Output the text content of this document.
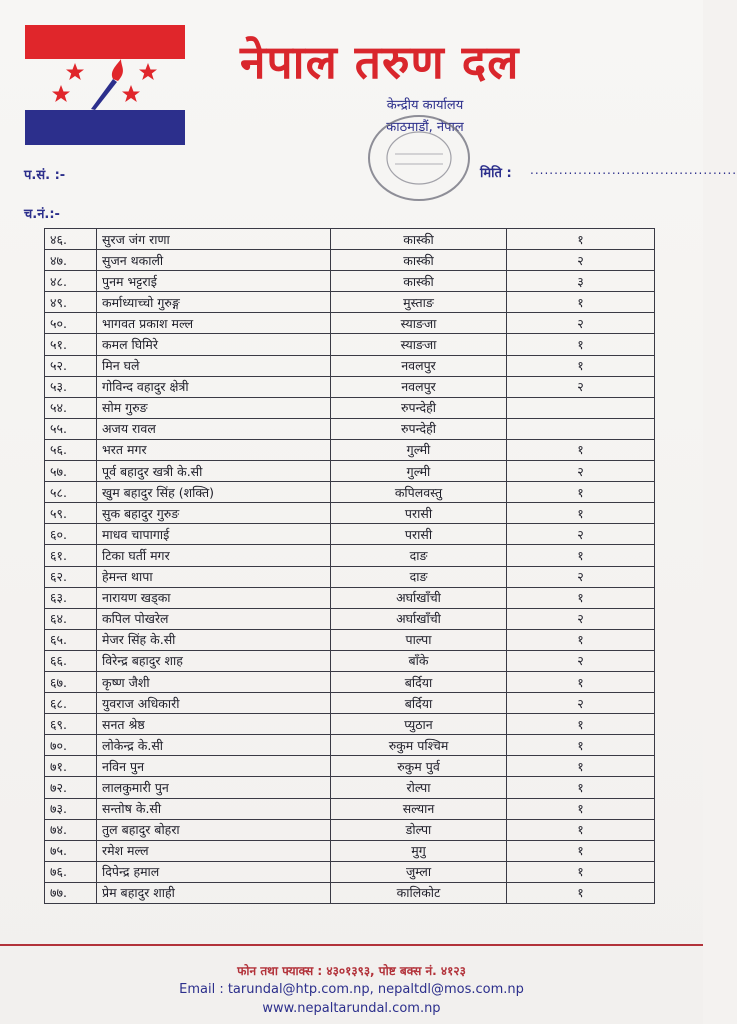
नेपाल तरुण दल
केन्द्रीय कार्यालय
काठमाडौं, नेपाल
प.सं. :-
च.नं.:-
मिति : ...........................................
४६.	सुरज जंग राणा	कास्की	१
४७.	सुजन थकाली	कास्की	२
४८.	पुनम भट्टराई	कास्की	३
४९.	कर्माध्याच्चो गुरुङ्ग	मुस्ताङ	१
५०.	भागवत प्रकाश मल्ल	स्याङजा	२
५१.	कमल घिमिरे	स्याङजा	१
५२.	मिन घले	नवलपुर	१
५३.	गोविन्द वहादुर क्षेत्री	नवलपुर	२
५४.	सोम गुरुङ	रुपन्देही	
५५.	अजय रावल	रुपन्देही	
५६.	भरत मगर	गुल्मी	१
५७.	पूर्व बहादुर खत्री के.सी	गुल्मी	२
५८.	खुम बहादुर सिंह (शक्ति)	कपिलवस्तु	१
५९.	सुक बहादुर गुरुङ	परासी	१
६०.	माधव चापागाई	परासी	२
६१.	टिका घर्ती मगर	दाङ	१
६२.	हेमन्त थापा	दाङ	२
६३.	नारायण खड्का	अर्घाखाँची	१
६४.	कपिल पोखरेल	अर्घाखाँची	२
६५.	मेजर सिंह के.सी	पाल्पा	१
६६.	विरेन्द्र बहादुर शाह	बाँके	२
६७.	कृष्ण जैशी	बर्दिया	१
६८.	युवराज अधिकारी	बर्दिया	२
६९.	सनत श्रेष्ठ	प्युठान	१
७०.	लोकेन्द्र के.सी	रुकुम पश्चिम	१
७१.	नविन पुन	रुकुम पुर्व	१
७२.	लालकुमारी पुन	रोल्पा	१
७३.	सन्तोष के.सी	सल्यान	१
७४.	तुल बहादुर बोहरा	डोल्पा	१
७५.	रमेश मल्ल	मुगु	१
७६.	दिपेन्द्र हमाल	जुम्ला	१
७७.	प्रेम बहादुर शाही	कालिकोट	१
फोन तथा फ्याक्स : ४३०१३९३, पोष्ट बक्स नं. ४१२३
Email : tarundal@htp.com.np, nepaltdl@mos.com.np
www.nepaltarundal.com.np
